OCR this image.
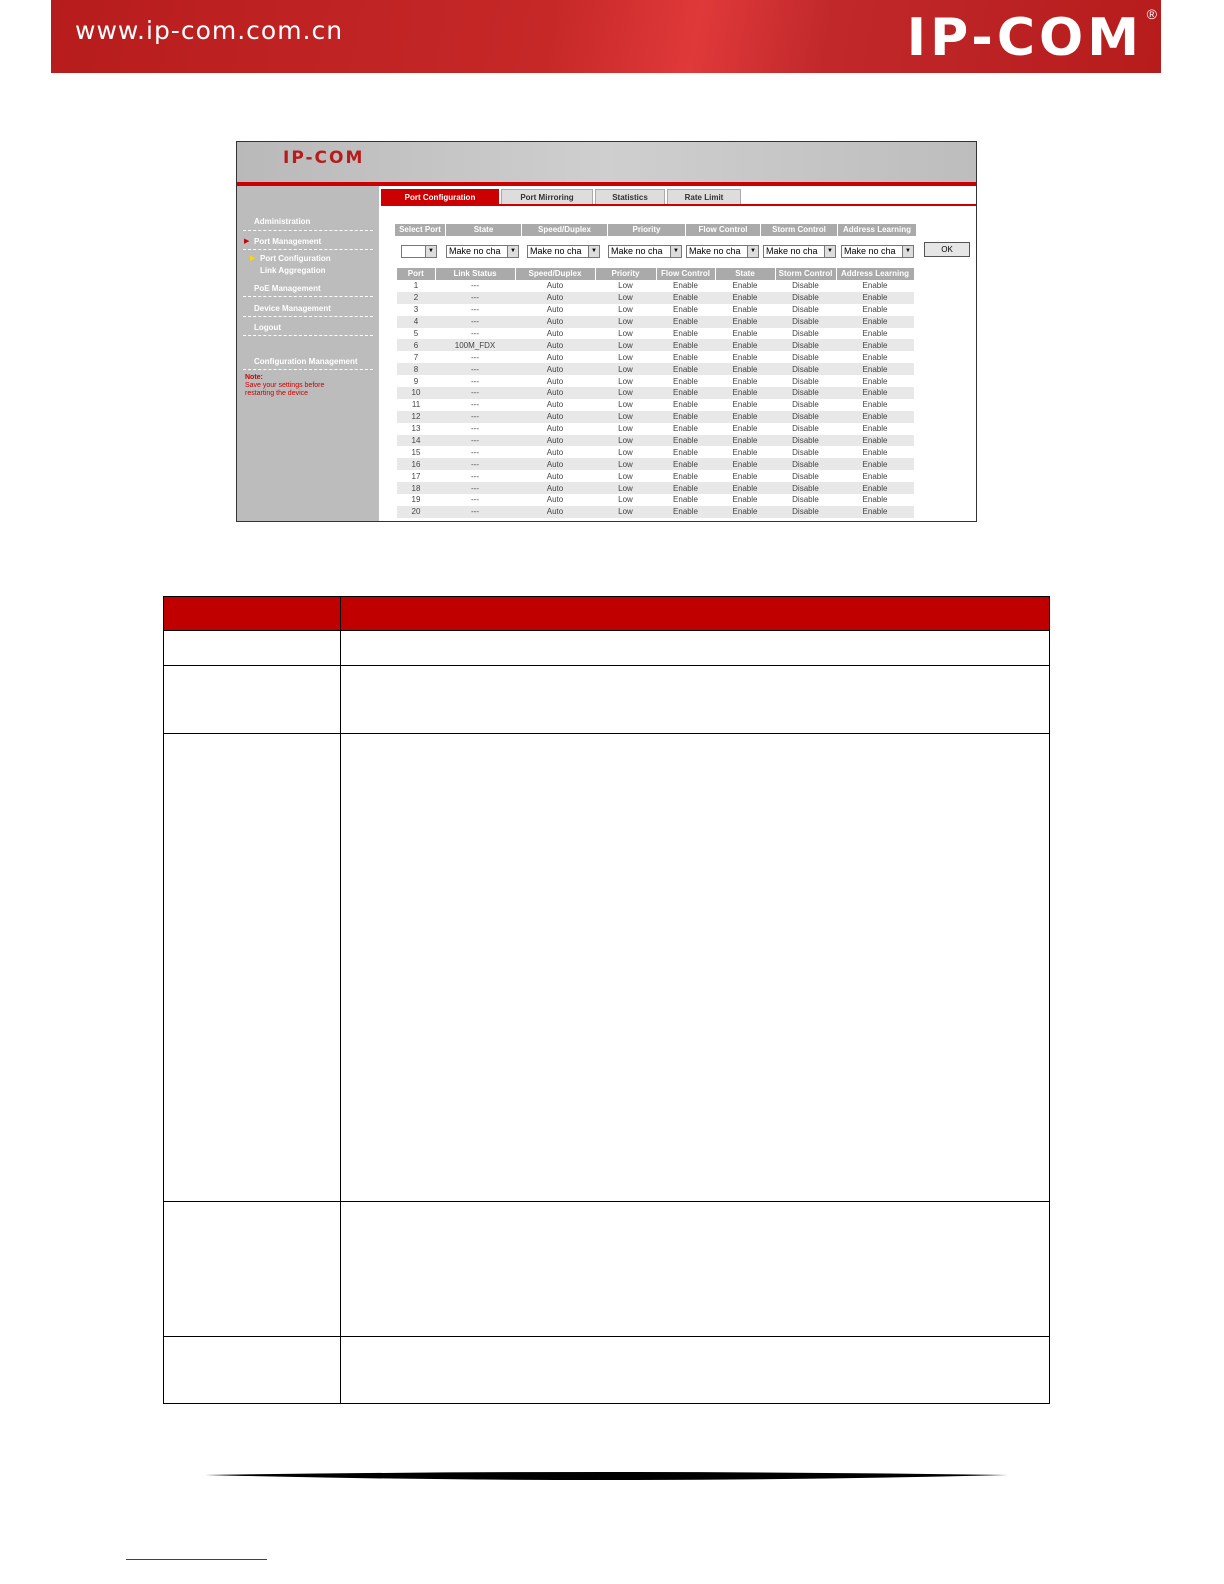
www.ip-com.com.cn	IP-COM ®
IP-COM
Administration
▶ Port Management
▶ Port Configuration
Link Aggregation
PoE Management
Device Management
Logout
Configuration Management
Note:
Save your settings before restarting the device
Port Configuration	Port Mirroring	Statistics	Rate Limit
Select Port	State	Speed/Duplex	Priority	Flow Control	Storm Control	Address Learning
▼	Make no cha	▼	Make no cha	▼	Make no cha	▼	Make no cha	▼	Make no cha	▼	Make no cha	▼	OK
Port	Link Status	Speed/Duplex	Priority	Flow Control	State	Storm Control	Address Learning
1	---	Auto	Low	Enable	Enable	Disable	Enable
2	---	Auto	Low	Enable	Enable	Disable	Enable
3	---	Auto	Low	Enable	Enable	Disable	Enable
4	---	Auto	Low	Enable	Enable	Disable	Enable
5	---	Auto	Low	Enable	Enable	Disable	Enable
6	100M_FDX	Auto	Low	Enable	Enable	Disable	Enable
7	---	Auto	Low	Enable	Enable	Disable	Enable
8	---	Auto	Low	Enable	Enable	Disable	Enable
9	---	Auto	Low	Enable	Enable	Disable	Enable
10	---	Auto	Low	Enable	Enable	Disable	Enable
11	---	Auto	Low	Enable	Enable	Disable	Enable
12	---	Auto	Low	Enable	Enable	Disable	Enable
13	---	Auto	Low	Enable	Enable	Disable	Enable
14	---	Auto	Low	Enable	Enable	Disable	Enable
15	---	Auto	Low	Enable	Enable	Disable	Enable
16	---	Auto	Low	Enable	Enable	Disable	Enable
17	---	Auto	Low	Enable	Enable	Disable	Enable
18	---	Auto	Low	Enable	Enable	Disable	Enable
19	---	Auto	Low	Enable	Enable	Disable	Enable
20	---	Auto	Low	Enable	Enable	Disable	Enable
